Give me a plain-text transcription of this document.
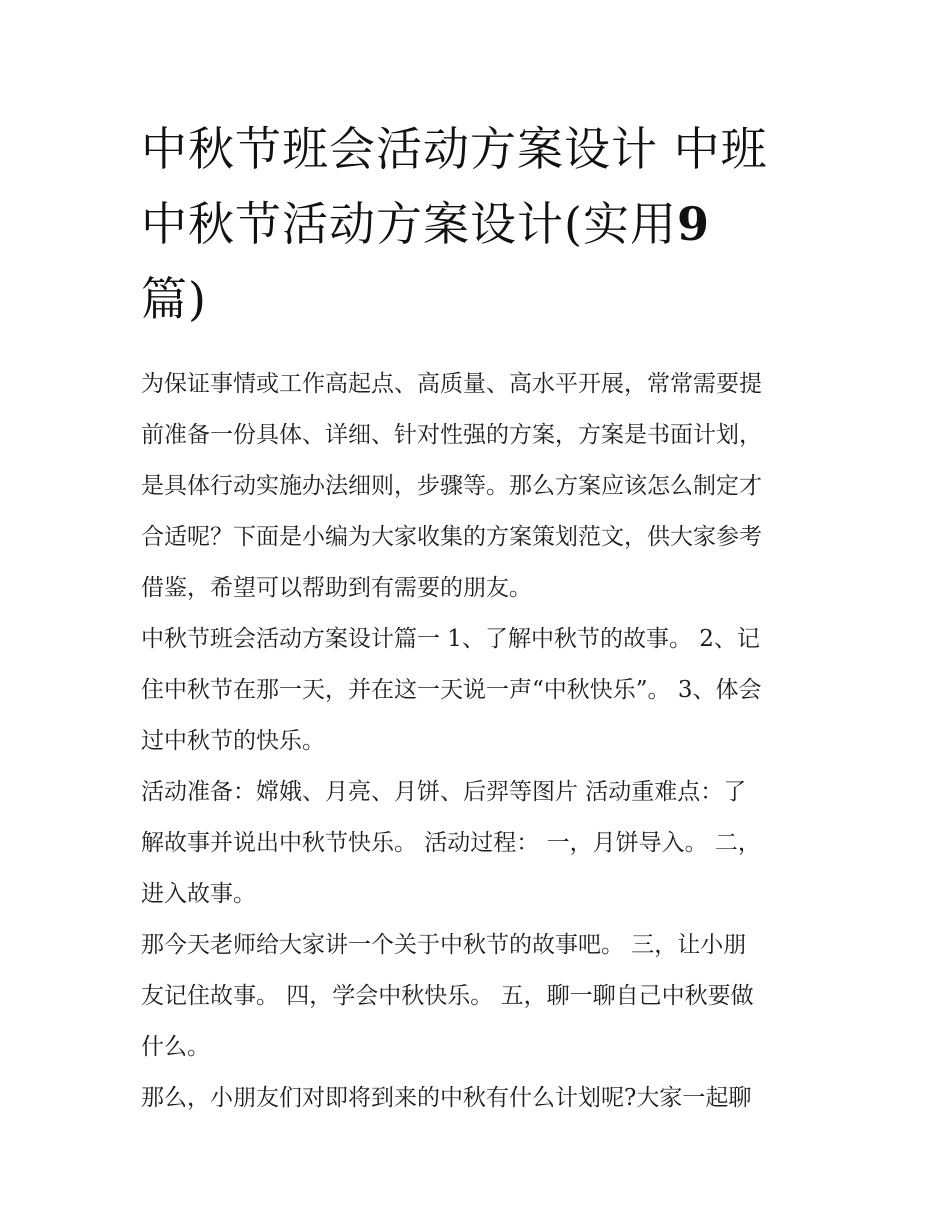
中秋节班会活动方案设计 中班
中秋节活动方案设计(实用9
篇)

为保证事情或工作高起点、高质量、高水平开展，常常需要提
前准备一份具体、详细、针对性强的方案，方案是书面计划，
是具体行动实施办法细则，步骤等。那么方案应该怎么制定才
合适呢？下面是小编为大家收集的方案策划范文，供大家参考
借鉴，希望可以帮助到有需要的朋友。

中秋节班会活动方案设计篇一 1、了解中秋节的故事。 2、记
住中秋节在那一天，并在这一天说一声“中秋快乐”。 3、体会
过中秋节的快乐。

活动准备：嫦娥、月亮、月饼、后羿等图片 活动重难点：了
解故事并说出中秋节快乐。 活动过程： 一，月饼导入。 二，
进入故事。

那今天老师给大家讲一个关于中秋节的故事吧。 三，让小朋
友记住故事。 四，学会中秋快乐。 五，聊一聊自己中秋要做
什么。

那么，小朋友们对即将到来的中秋有什么计划呢?大家一起聊
